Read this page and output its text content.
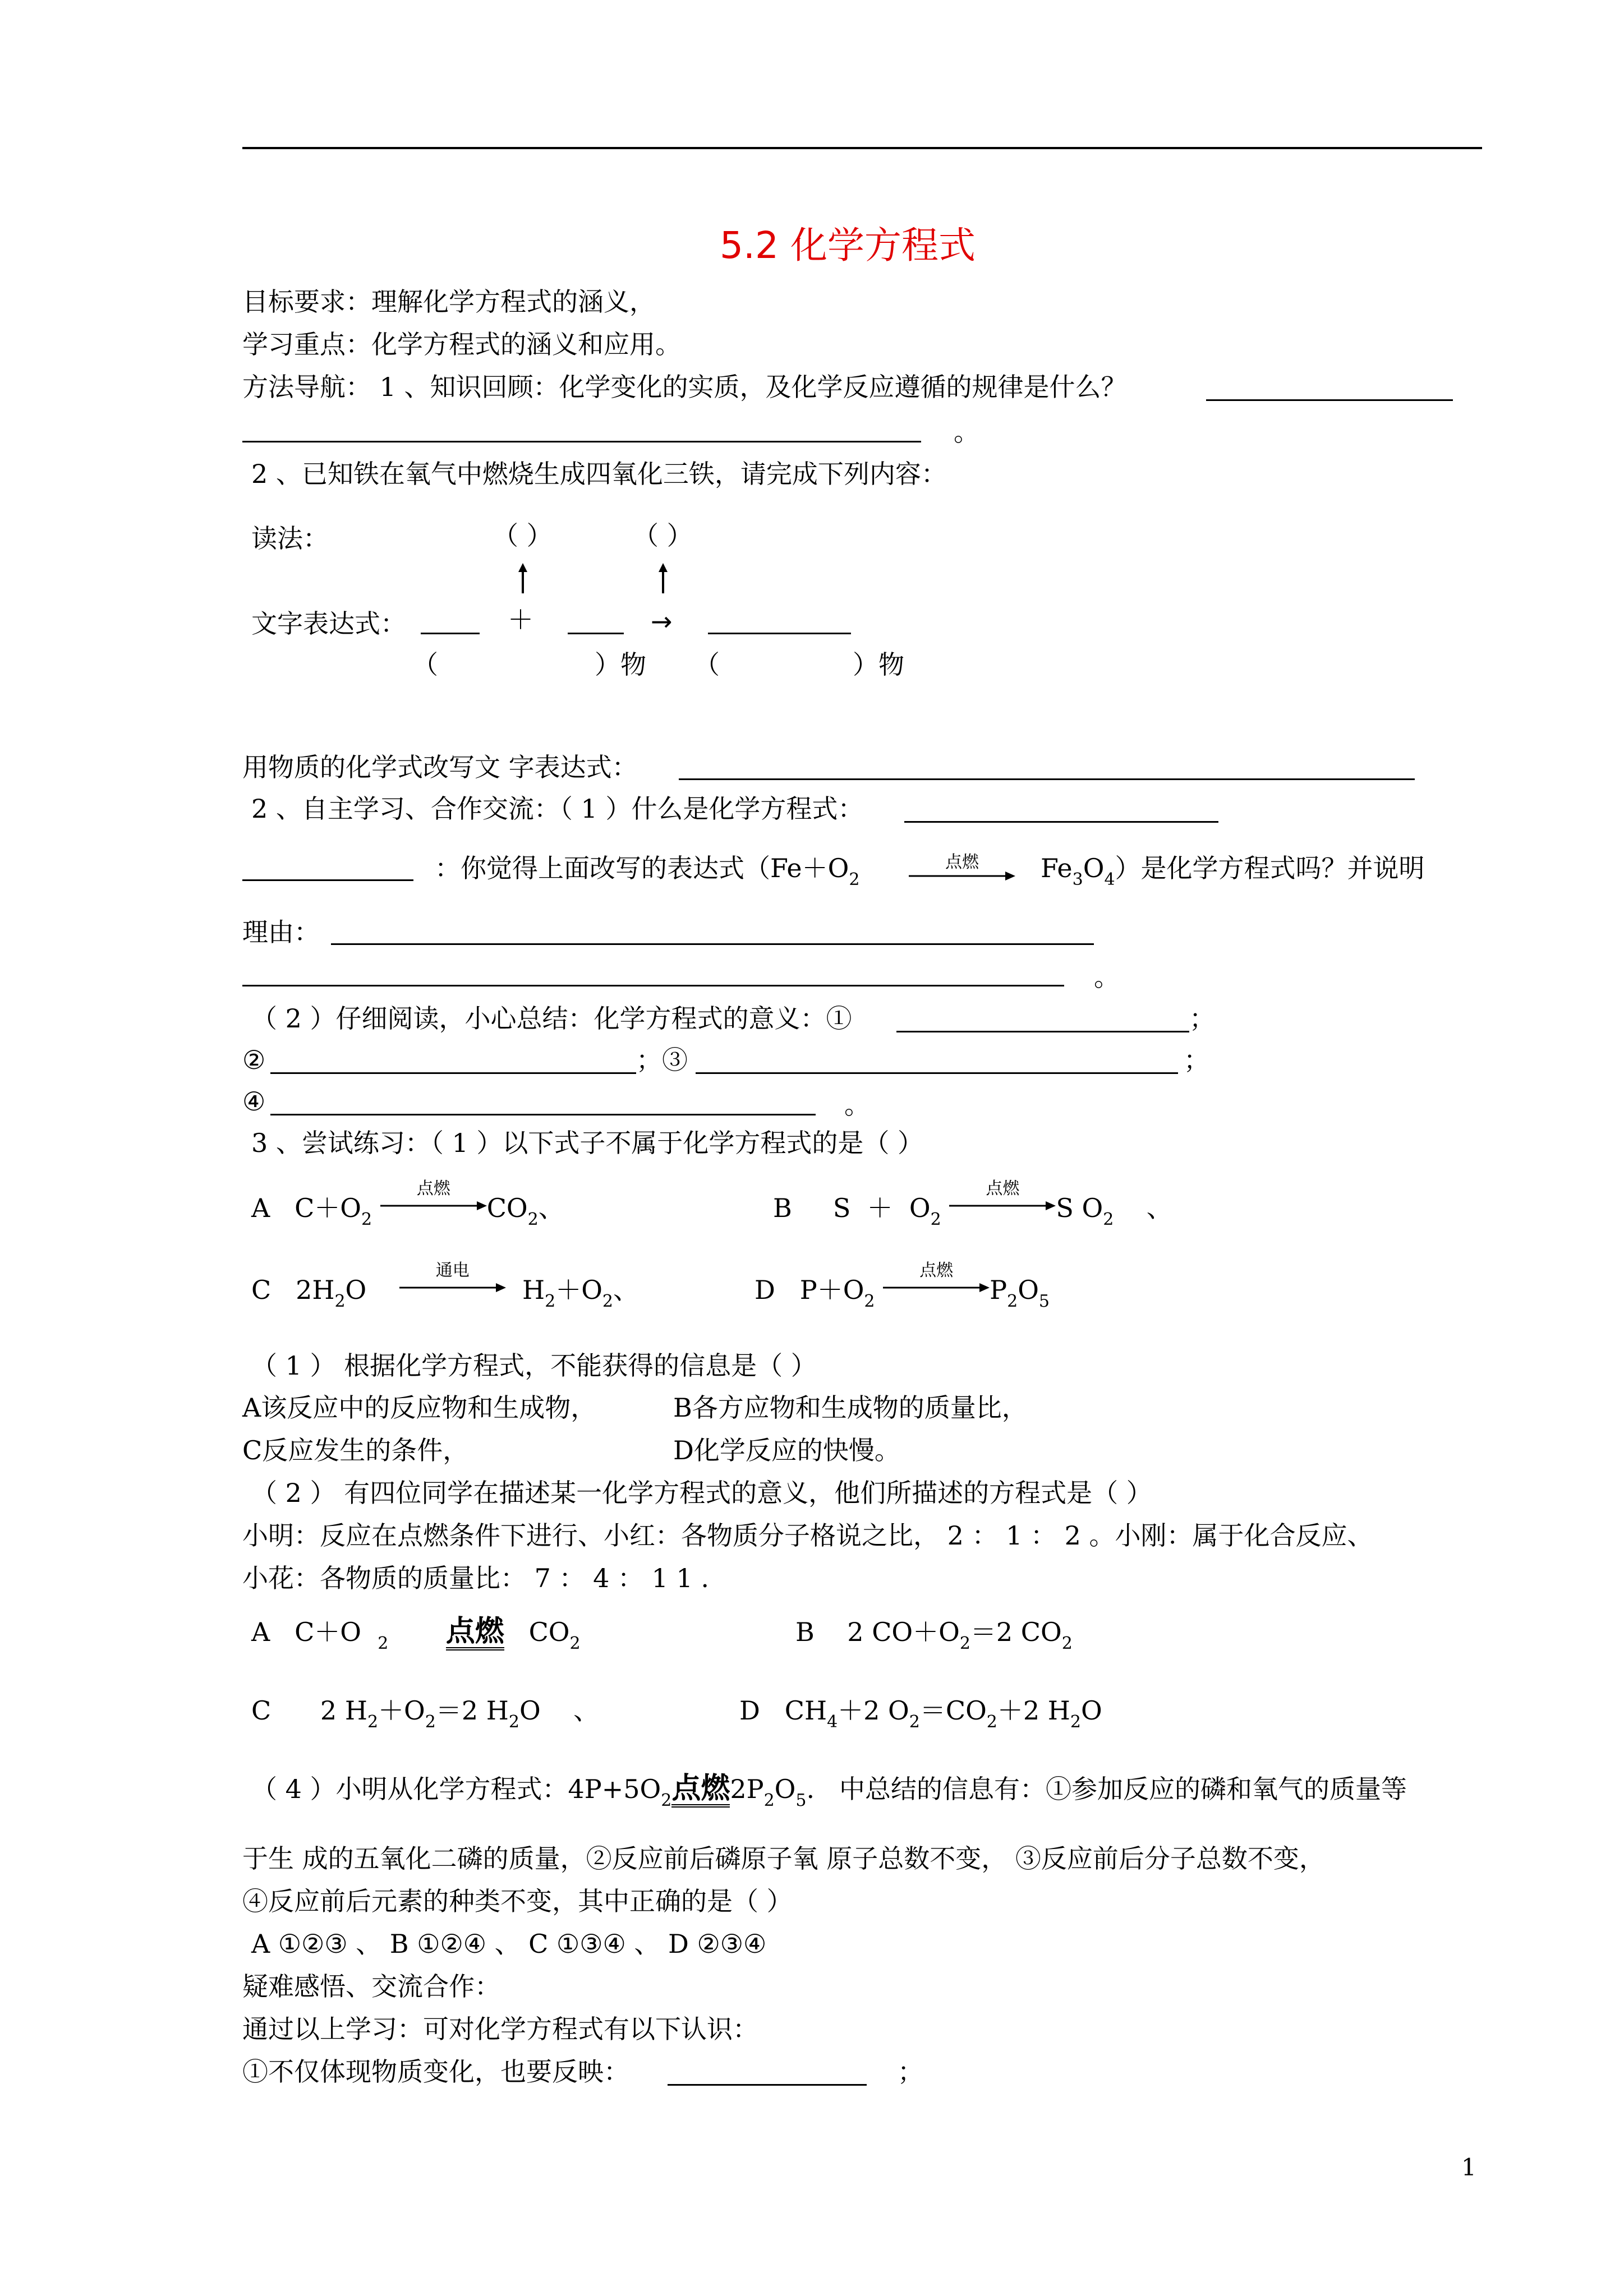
5.2 化学方程式
目标要求：理解化学方程式的涵义，
学习重点：化学方程式的涵义和应用。
方法导航： 1 、知识回顾：化学变化的实质，及化学反应遵循的规律是什么？
。
2 、已知铁在氧气中燃烧生成四氧化三铁，请完成下列内容：
读法：	（ ）	（ ）
文字表达式：	＋	→
（	）物 （	）物
用物质的化学式改写文 字表达式：
2 、自主学习、合作交流：（ 1 ）什么是化学方程式：
：你觉得上面改写的表达式（$Fe+O_2$
点燃	$Fe_3O_4$）是化学方程式吗？并说明
理由：
。
（ 2 ）仔细阅读，小心总结：化学方程式的意义：①	；
②	；③	；
④	。
3 、尝试练习：（ 1 ）以下式子不属于化学方程式的是（ ）
A   $C+O_2$
点燃
$CO_2$、	B     $S + O_2$
点燃
S $O_2$    、
C   $2H_2O$
通电
$H_2+O_2$、	D   $P+O_2$
点燃
$P_2O_5$
（ 1 ） 根据化学方程式，不能获得的信息是（ ）
A该反应中的反应物和生成物，	B各方应物和生成物的质量比，
C反应发生的条件，	D化学反应的快慢。
（ 2 ） 有四位同学在描述某一化学方程式的意义，他们所描述的方程式是（ ）
小明：反应在点燃条件下进行、小红：各物质分子格说之比， 2 ： 1 ： 2 。小刚：属于化合反应、
小花：各物质的质量比： 7 ： 4 ： 1 1 .
A   C＋O  $_2$ 点燃   $CO_2$	B    2 $CO+O_2=2$ $CO_2$
C      2 $H_2+O_2=2$ $H_2O$    、	D   $CH_4+2$ $O_2=CO_2+2$ $H_2O$
（ 4 ）小明从化学方程式：$4P+5O_2$点燃$2P_2O_5$.   中总结的信息有：①参加反应的磷和氧气的质量等
于生 成的五氧化二磷的质量，②反应前后磷原子氧 原子总数不变， ③反应前后分子总数不变，
④反应前后元素的种类不变，其中正确的是（ ）
A ①②③ 、 B ①②④ 、 C ①③④ 、 D ②③④
疑难感悟、交流合作：
通过以上学习：可对化学方程式有以下认识：
①不仅体现物质变化，也要反映：	；
1
